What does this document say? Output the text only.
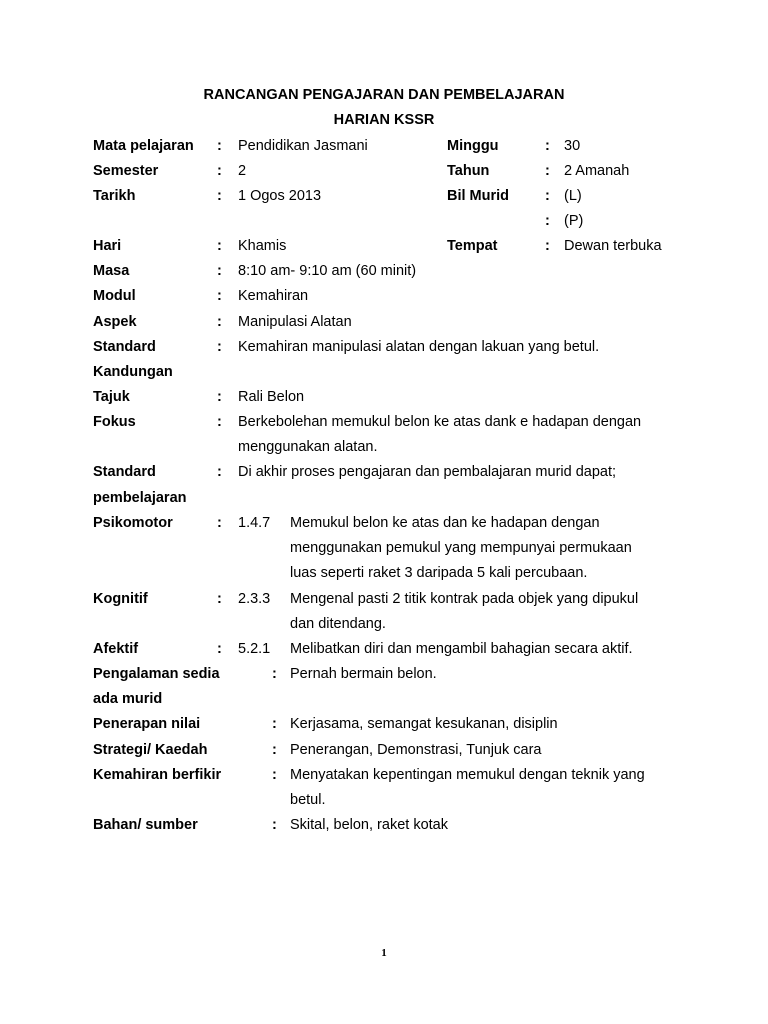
RANCANGAN PENGAJARAN DAN PEMBELAJARAN
HARIAN KSSR
Mata pelajaran : Pendidikan Jasmani	Minggu	: 30
Semester	: 2	Tahun	: 2 Amanah
Tarikh	: 1 Ogos 2013	Bil Murid : (L)
: (P)
Hari	: Khamis	Tempat	: Dewan terbuka
Masa	: 8:10 am- 9:10 am (60 minit)
Modul	: Kemahiran
Aspek	: Manipulasi Alatan
Standard	: Kemahiran manipulasi alatan dengan lakuan yang betul.
Kandungan
Tajuk	: Rali Belon
Fokus	: Berkebolehan memukul belon ke atas dank e hadapan dengan
menggunakan alatan.
Standard	: Di akhir proses pengajaran dan pembalajaran murid dapat;
pembelajaran
Psikomotor	: 1.4.7 Memukul belon ke atas dan ke hadapan dengan
menggunakan pemukul yang mempunyai permukaan
luas seperti raket 3 daripada 5 kali percubaan.
Kognitif	: 2.3.3 Mengenal pasti 2 titik kontrak pada objek yang dipukul
dan ditendang.
Afektif	: 5.2.1 Melibatkan diri dan mengambil bahagian secara aktif.
Pengalaman sedia	: Pernah bermain belon.
ada murid
Penerapan nilai	: Kerjasama, semangat kesukanan, disiplin
Strategi/ Kaedah	: Penerangan, Demonstrasi, Tunjuk cara
Kemahiran berfikir	: Menyatakan kepentingan memukul dengan teknik yang
betul.
Bahan/ sumber	: Skital, belon, raket kotak
1
